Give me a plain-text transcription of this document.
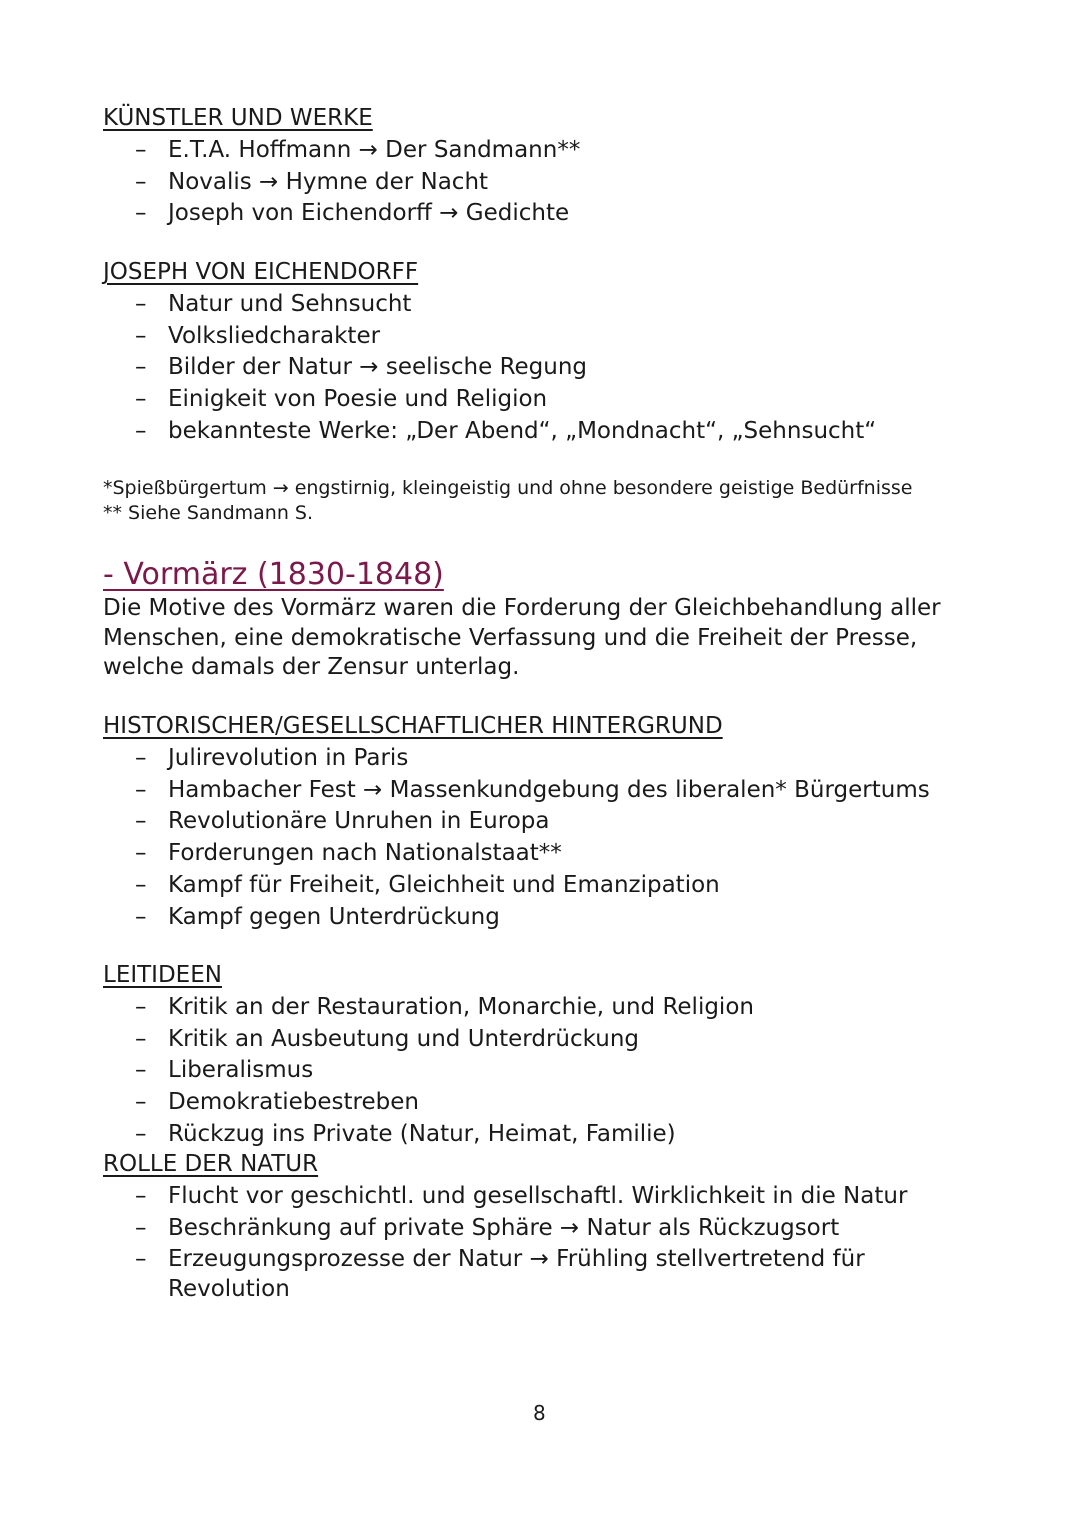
KÜNSTLER UND WERKE
– E.T.A. Hoffmann → Der Sandmann**
– Novalis → Hymne der Nacht
– Joseph von Eichendorff → Gedichte
JOSEPH VON EICHENDORFF
– Natur und Sehnsucht
– Volksliedcharakter
– Bilder der Natur → seelische Regung
– Einigkeit von Poesie und Religion
– bekannteste Werke: „Der Abend“, „Mondnacht“, „Sehnsucht“
*Spießbürgertum → engstirnig, kleingeistig und ohne besondere geistige Bedürfnisse
** Siehe Sandmann S.
- Vormärz (1830-1848)
Die Motive des Vormärz waren die Forderung der Gleichbehandlung aller
Menschen, eine demokratische Verfassung und die Freiheit der Presse,
welche damals der Zensur unterlag.
HISTORISCHER/GESELLSCHAFTLICHER HINTERGRUND
– Julirevolution in Paris
– Hambacher Fest → Massenkundgebung des liberalen* Bürgertums
– Revolutionäre Unruhen in Europa
– Forderungen nach Nationalstaat**
– Kampf für Freiheit, Gleichheit und Emanzipation
– Kampf gegen Unterdrückung
LEITIDEEN
– Kritik an der Restauration, Monarchie, und Religion
– Kritik an Ausbeutung und Unterdrückung
– Liberalismus
– Demokratiebestreben
– Rückzug ins Private (Natur, Heimat, Familie)
ROLLE DER NATUR
– Flucht vor geschichtl. und gesellschaftl. Wirklichkeit in die Natur
– Beschränkung auf private Sphäre → Natur als Rückzugsort
– Erzeugungsprozesse der Natur → Frühling stellvertretend für
Revolution
8
